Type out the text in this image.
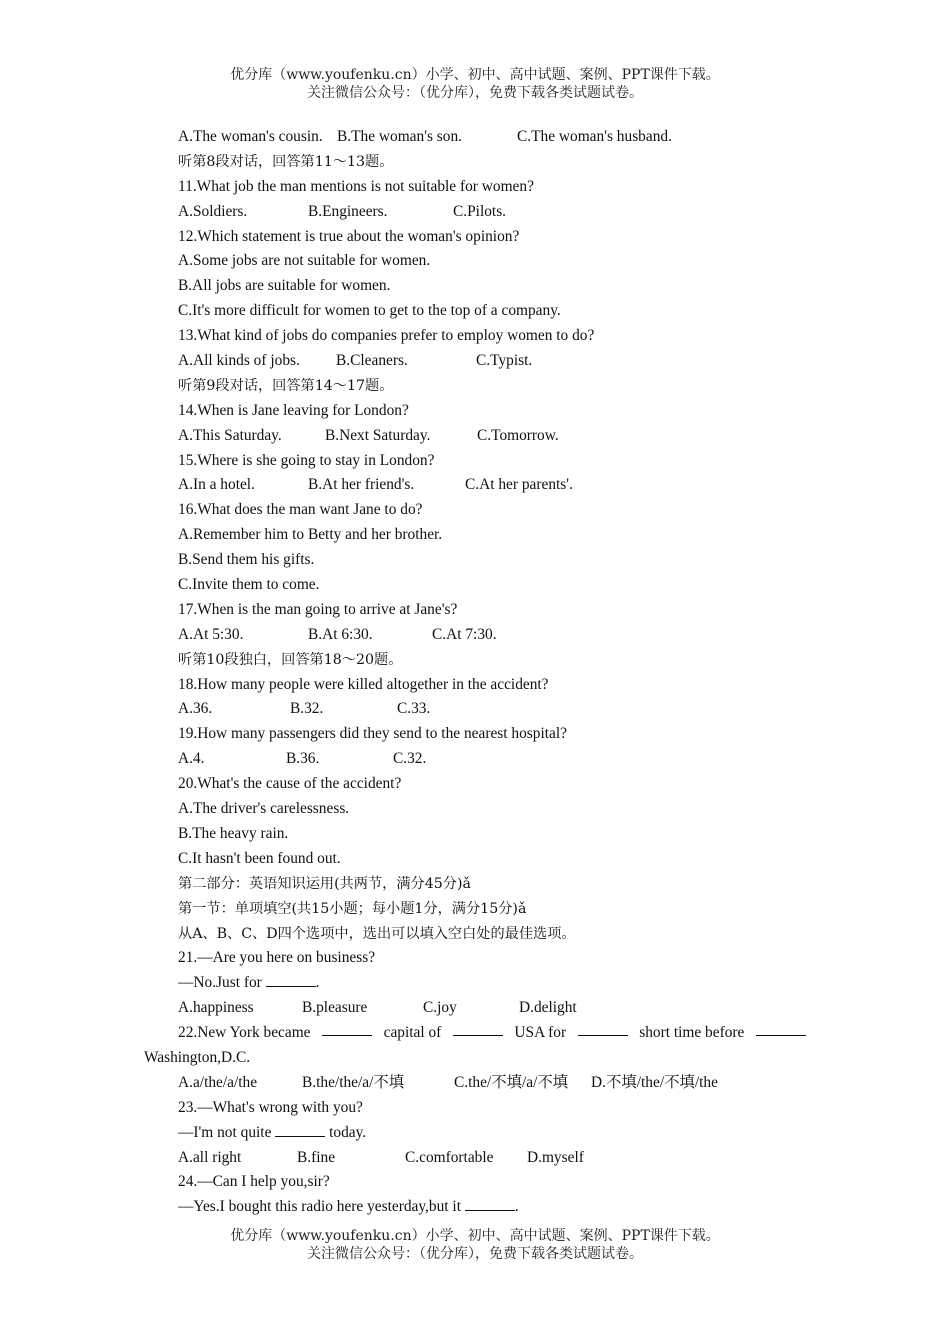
优分库（www.youfenku.cn）小学、初中、高中试题、案例、PPT课件下载。
关注微信公众号：（优分库），免费下载各类试题试卷。
A.The woman's cousin. B.The woman's son.	C.The woman's husband.
听第8段对话，回答第11～13题。
11.What job the man mentions is not suitable for women?
A.Soldiers.	B.Engineers.	C.Pilots.
12.Which statement is true about the woman's opinion?
A.Some jobs are not suitable for women.
B.All jobs are suitable for women.
C.It's more difficult for women to get to the top of a company.
13.What kind of jobs do companies prefer to employ women to do?
A.All kinds of jobs. B.Cleaners.	C.Typist.
听第9段对话，回答第14～17题。
14.When is Jane leaving for London?
A.This Saturday.	B.Next Saturday.	C.Tomorrow.
15.Where is she going to stay in London?
A.In a hotel.	B.At her friend's.	C.At her parents'.
16.What does the man want Jane to do?
A.Remember him to Betty and her brother.
B.Send them his gifts.
C.Invite them to come.
17.When is the man going to arrive at Jane's?
A.At 5:30.	B.At 6:30.	C.At 7:30.
听第10段独白，回答第18～20题。
18.How many people were killed altogether in the accident?
A.36.	B.32.	C.33.
19.How many passengers did they send to the nearest hospital?
A.4.	B.36.	C.32.
20.What's the cause of the accident?
A.The driver's carelessness.
B.The heavy rain.
C.It hasn't been found out.
第二部分：英语知识运用(共两节，满分45分)ǎ
第一节：单项填空(共15小题；每小题1分，满分15分)ǎ
从A、B、C、D四个选项中，选出可以填入空白处的最佳选项。
21.—Are you here on business?
—No.Just for	.
A.happiness	B.pleasure	C.joy	D.delight
22.New York became	capital of	USA for	short time before
Washington,D.C.
A.a/the/a/the	B.the/the/a/不填	C.the/不填/a/不填 D.不填/the/不填/the
23.—What's wrong with you?
—I'm not quite	today.
A.all right	B.fine	C.comfortable D.myself
24.—Can I help you,sir?
—Yes.I bought this radio here yesterday,but it	.
优分库（www.youfenku.cn）小学、初中、高中试题、案例、PPT课件下载。
关注微信公众号：（优分库），免费下载各类试题试卷。
